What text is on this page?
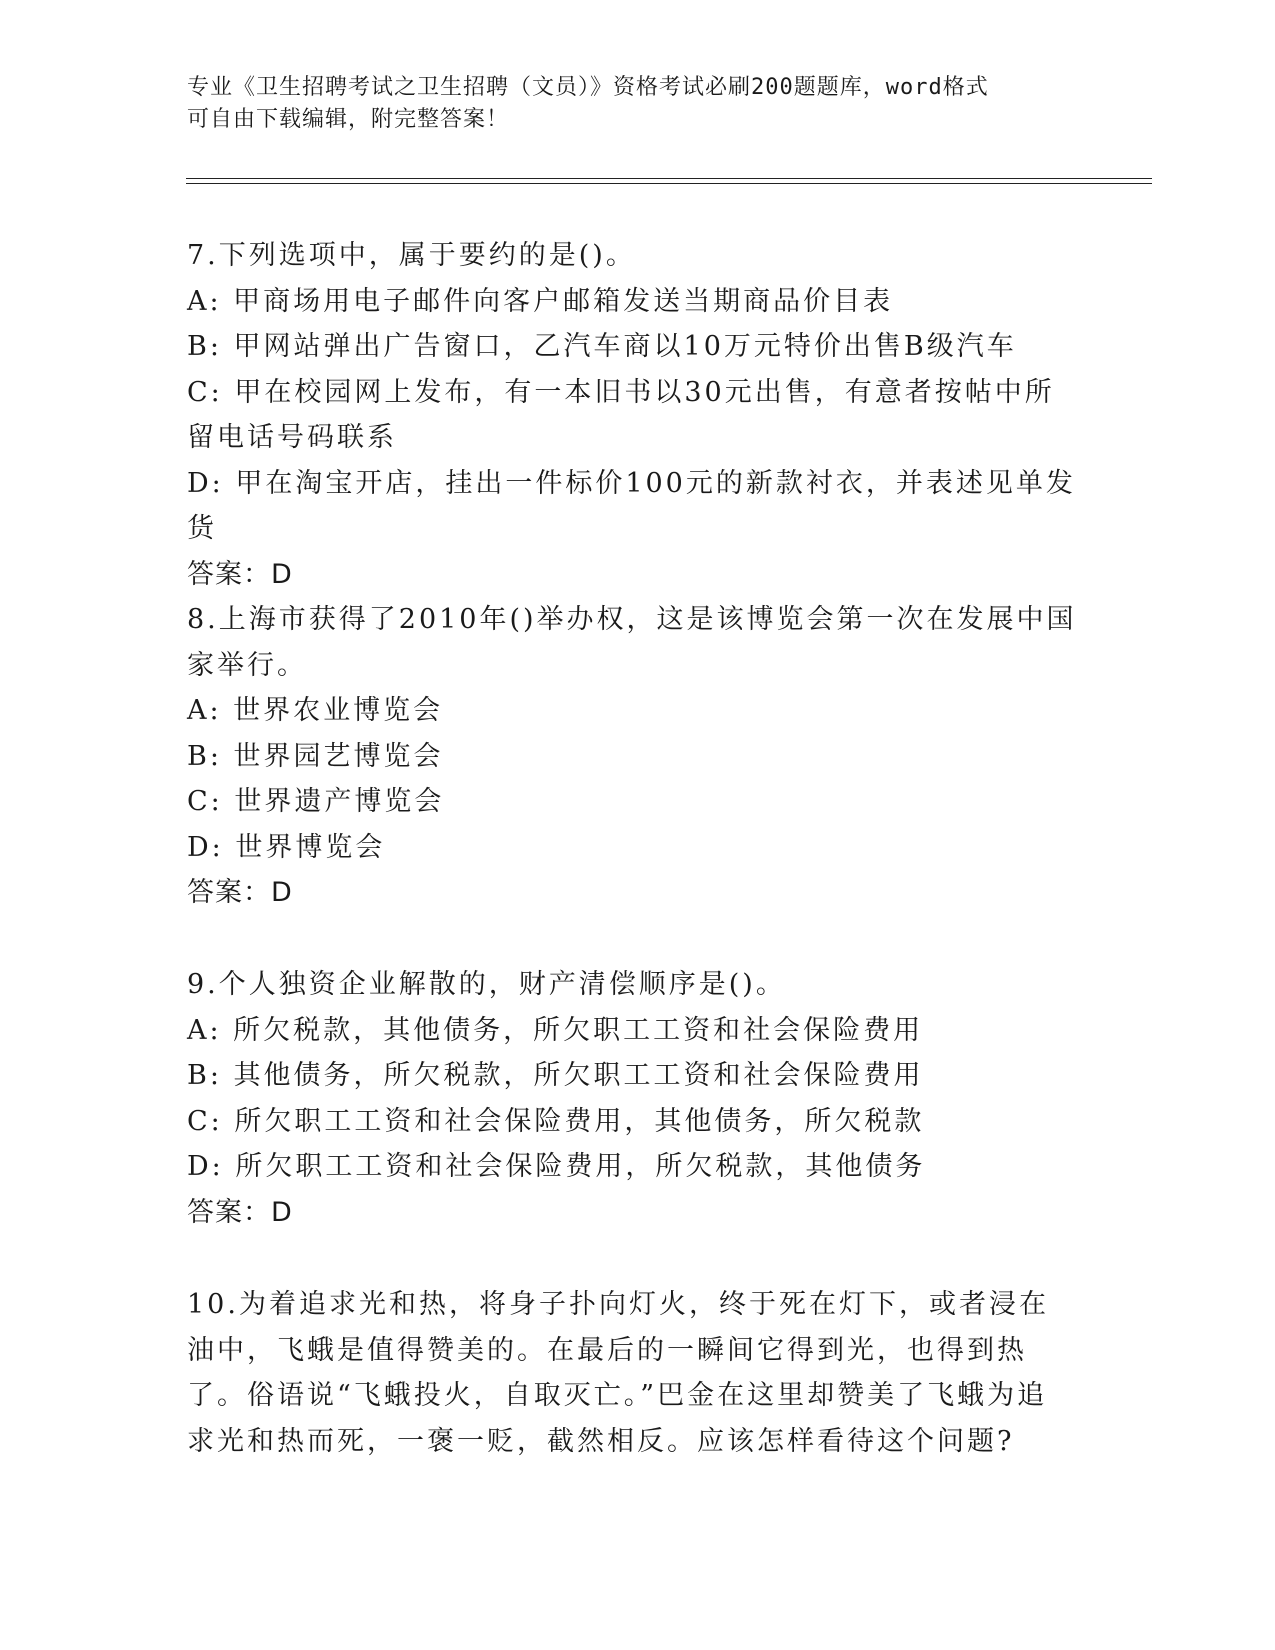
专业《卫生招聘考试之卫生招聘（文员）》资格考试必刷200题题库，word格式
可自由下载编辑，附完整答案！

7.下列选项中，属于要约的是()。

A: 甲商场用电子邮件向客户邮箱发送当期商品价目表

B: 甲网站弹出广告窗口，乙汽车商以10万元特价出售B级汽车

C: 甲在校园网上发布，有一本旧书以30元出售，有意者按帖中所留电话号码联系

D: 甲在淘宝开店，挂出一件标价100元的新款衬衣，并表述见单发货

答案：D

8.上海市获得了2010年()举办权，这是该博览会第一次在发展中国家举行。

A: 世界农业博览会

B: 世界园艺博览会

C: 世界遗产博览会

D: 世界博览会

答案：D

9.个人独资企业解散的，财产清偿顺序是()。

A: 所欠税款，其他债务，所欠职工工资和社会保险费用

B: 其他债务，所欠税款，所欠职工工资和社会保险费用

C: 所欠职工工资和社会保险费用，其他债务，所欠税款

D: 所欠职工工资和社会保险费用，所欠税款，其他债务

答案：D

10.为着追求光和热，将身子扑向灯火，终于死在灯下，或者浸在油中，飞蛾是值得赞美的。在最后的一瞬间它得到光，也得到热了。俗语说“飞蛾投火，自取灭亡。”巴金在这里却赞美了飞蛾为追求光和热而死，一褒一贬，截然相反。应该怎样看待这个问题?
